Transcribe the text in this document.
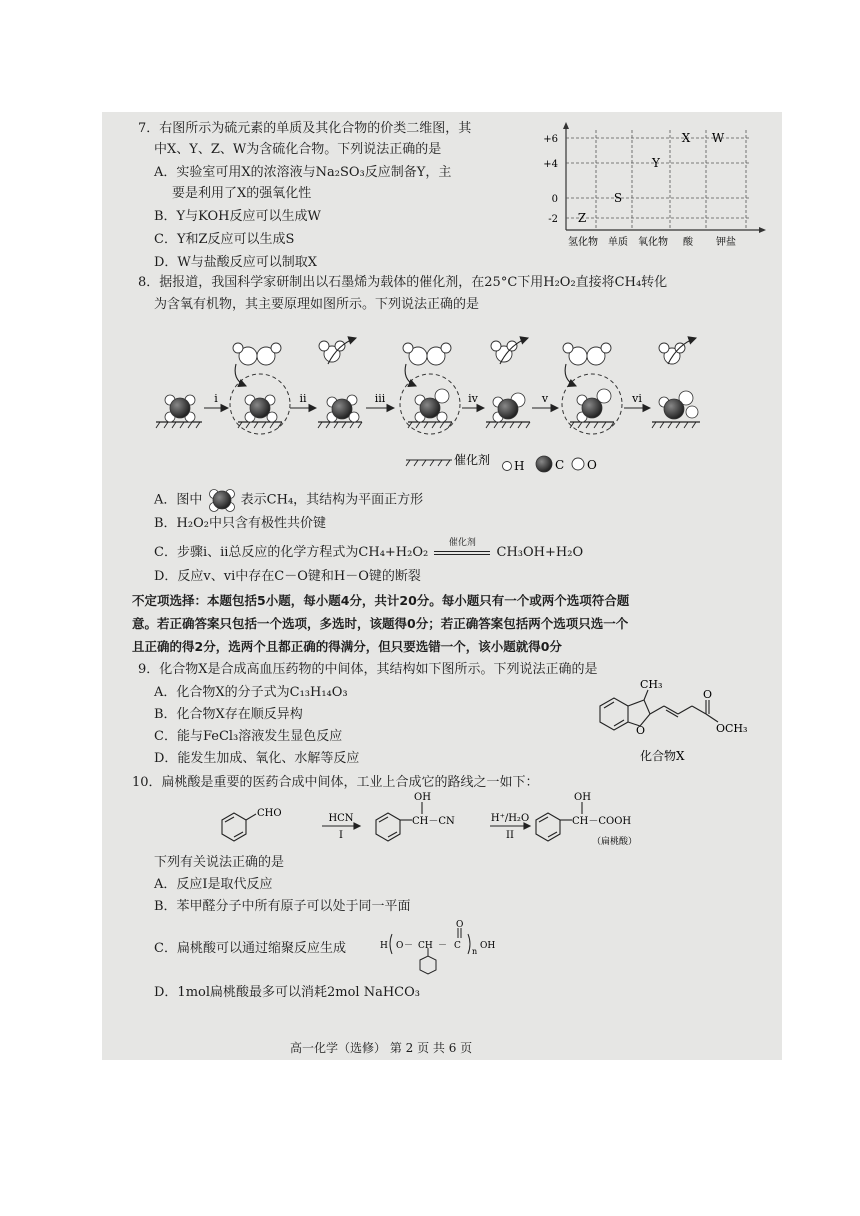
7．右图所示为硫元素的单质及其化合物的价类二维图，其
中X、Y、Z、W为含硫化合物。下列说法正确的是
A．实验室可用X的浓溶液与Na₂SO₃反应制备Y，主
要是利用了X的强氧化性
B．Y与KOH反应可以生成W
C．Y和Z反应可以生成S
D．W与盐酸反应可以制取X
+6
+4
0
-2
氢化物 单质 氧化物 酸 钾盐
X W
Y
S
Z
8．据报道，我国科学家研制出以石墨烯为载体的催化剂，在25°C下用H₂O₂直接将CH₄转化
为含氧有机物，其主要原理如图所示。下列说法正确的是
i	ii	iii	iv	v	vi
催化剂 H	C O
A．图中	表示CH₄，其结构为平面正方形
B．H₂O₂中只含有极性共价键
C．步骤i、ii总反应的化学方程式为CH₄+H₂O₂
催化剂
CH₃OH+H₂O
D．反应v、vi中存在C－O键和H－O键的断裂
不定项选择：本题包括5小题，每小题4分，共计20分。每小题只有一个或两个选项符合题
意。若正确答案只包括一个选项，多选时，该题得0分；若正确答案包括两个选项只选一个
且正确的得2分，选两个且都正确的得满分，但只要选错一个，该小题就得0分
9．化合物X是合成高血压药物的中间体，其结构如下图所示。下列说法正确的是
A．化合物X的分子式为C₁₃H₁₄O₃
B．化合物X存在顺反异构
C．能与FeCl₃溶液发生显色反应
D．能发生加成、氧化、水解等反应
CH₃
O
O
OCH₃
化合物X
10．扁桃酸是重要的医药合成中间体，工业上合成它的路线之一如下：
CHO	HCN
I
OH
CH－CN	H⁺/H₂O
II
OH
CH－COOH
（扁桃酸）
下列有关说法正确的是
A．反应I是取代反应
B．苯甲醛分子中所有原子可以处于同一平面
C．扁桃酸可以通过缩聚反应生成	H O － CH － C
O
n
OH
D．1mol扁桃酸最多可以消耗2mol NaHCO₃
高一化学（选修） 第 2 页 共 6 页
